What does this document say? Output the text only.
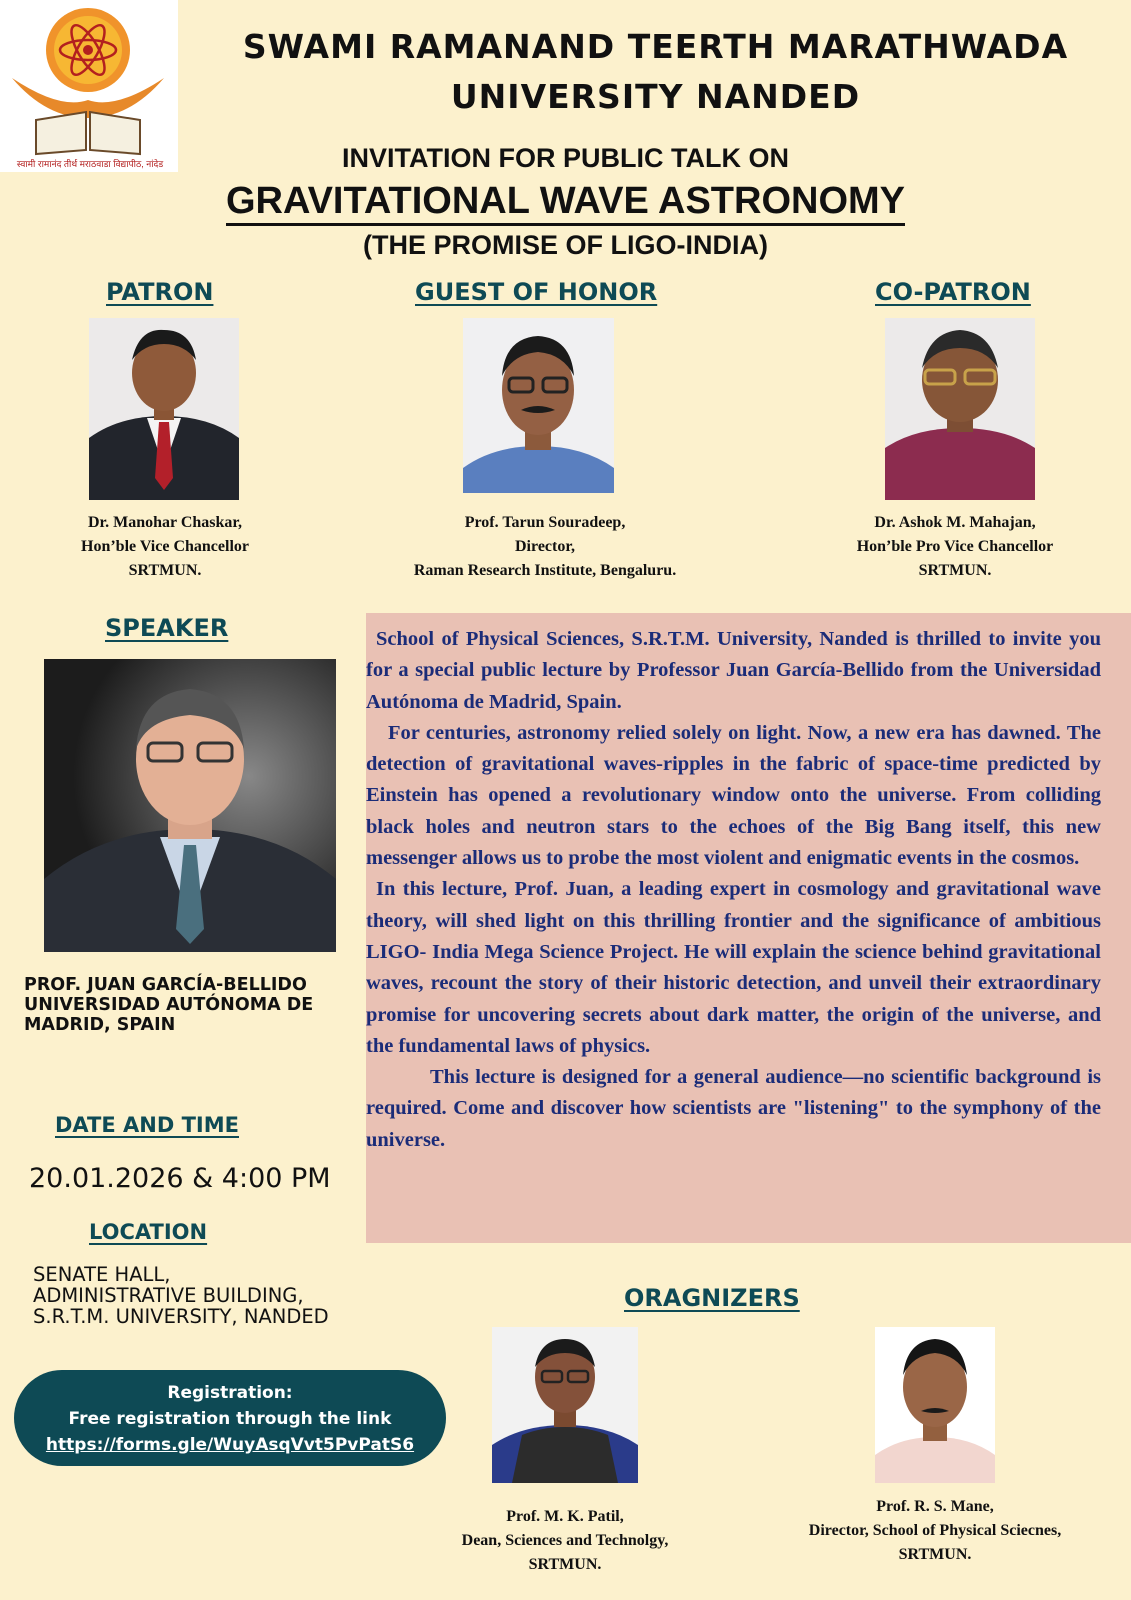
स्वामी रामानंद तीर्थ मराठवाडा विद्यापीठ, नांदेड
SWAMI RAMANAND TEERTH MARATHWADA
UNIVERSITY NANDED
INVITATION FOR PUBLIC TALK ON
GRAVITATIONAL WAVE ASTRONOMY
(THE PROMISE OF LIGO-INDIA)
PATRON
Dr. Manohar Chaskar,
Hon’ble Vice Chancellor
SRTMUN.
GUEST OF HONOR
Prof. Tarun Souradeep,
Director,
Raman Research Institute, Bengaluru.
CO-PATRON
Dr. Ashok M. Mahajan,
Hon’ble Pro Vice Chancellor
SRTMUN.
SPEAKER
PROF. JUAN GARCÍA-BELLIDO
UNIVERSIDAD AUTÓNOMA DE
MADRID, SPAIN

School of Physical Sciences, S.R.T.M. University, Nanded is thrilled to invite you for a special public lecture by Professor Juan García-Bellido from the Universidad Autónoma de Madrid, Spain.

For centuries, astronomy relied solely on light. Now, a new era has dawned. The detection of gravitational waves-ripples in the fabric of space-time predicted by Einstein has opened a revolutionary window onto the universe. From colliding black holes and neutron stars to the echoes of the Big Bang itself, this new messenger allows us to probe the most violent and enigmatic events in the cosmos.

In this lecture, Prof. Juan, a leading expert in cosmology and gravitational wave theory, will shed light on this thrilling frontier and the significance of ambitious LIGO- India Mega Science Project. He will explain the science behind gravitational waves, recount the story of their historic detection, and unveil their extraordinary promise for uncovering secrets about dark matter, the origin of the universe, and the fundamental laws of physics.

This lecture is designed for a general audience—no scientific background is required. Come and discover how scientists are "listening" to the symphony of the universe.

DATE AND TIME
20.01.2026 & 4:00 PM
LOCATION
SENATE HALL,
ADMINISTRATIVE BUILDING,
S.R.T.M. UNIVERSITY, NANDED
Registration:
Free registration through the link
https://forms.gle/WuyAsqVvt5PvPatS6
ORAGNIZERS
Prof. M. K. Patil,
Dean, Sciences and Technolgy,
SRTMUN.
Prof. R. S. Mane,
Director, School of Physical Sciecnes,
SRTMUN.
